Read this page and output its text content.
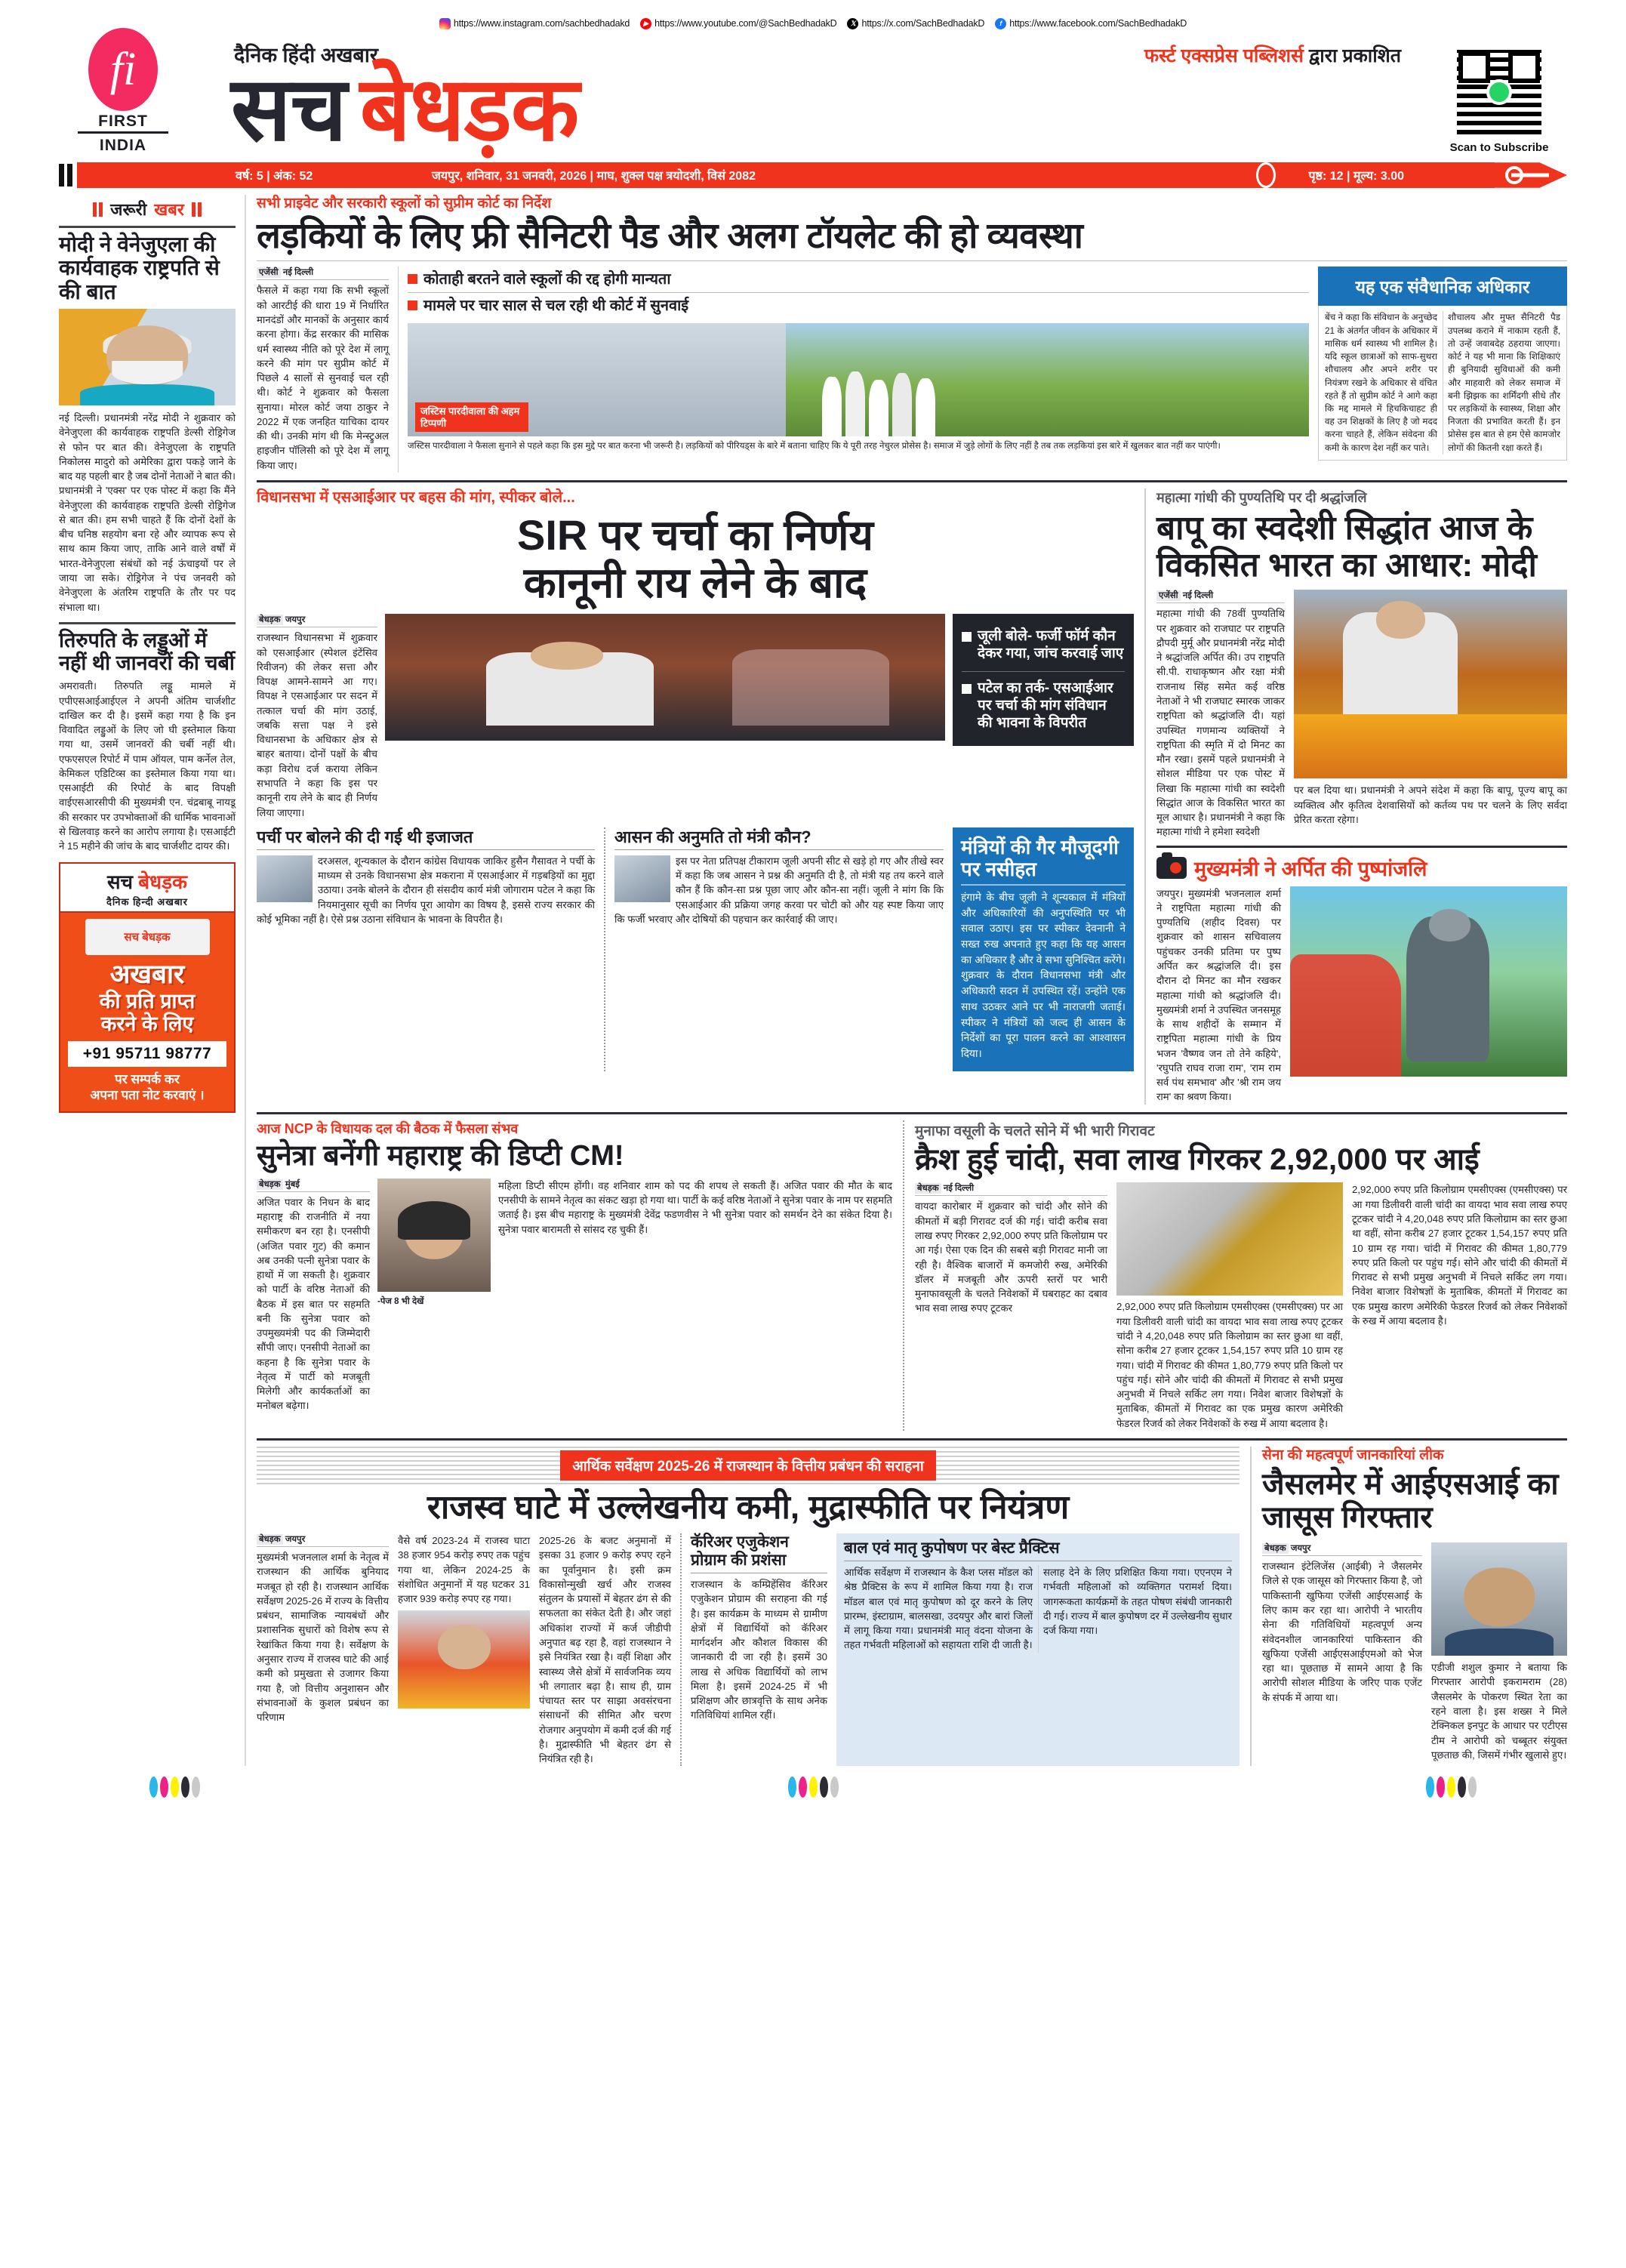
https://www.instagram.com/sachbedhadakd	▶ https://www.youtube.com/@SachBedhadakD	𝕏 https://x.com/SachBedhadakD	f https://www.facebook.com/SachBedhadakD
fi
FIRST
INDIA
दैनिक हिंदी अखबार	फर्स्ट एक्सप्रेस पब्लिशर्स द्वारा प्रकाशित
सच बेधड़क	Scan to Subscribe
वर्ष: 5 | अंक: 52	जयपुर, शनिवार, 31 जनवरी, 2026 | माघ, शुक्ल पक्ष त्रयोदशी, विसं 2082	पृष्ठ: 12 | मूल्य: 3.00
जरूरी खबर
मोदी ने वेनेजुएला की कार्यवाहक राष्ट्रपति से की बात
नई दिल्ली। प्रधानमंत्री नरेंद्र मोदी ने शुक्रवार को वेनेजुएला की कार्यवाहक राष्ट्रपति डेल्सी रोड्रिगेज से फोन पर बात की। वेनेजुएला के राष्ट्रपति निकोलस मादुरो को अमेरिका द्वारा पकड़े जाने के बाद यह पहली बार है जब दोनों नेताओं ने बात की। प्रधानमंत्री ने 'एक्स' पर एक पोस्ट में कहा कि मैंने वेनेजुएला की कार्यवाहक राष्ट्रपति डेल्सी रोड्रिगेज से बात की। हम सभी चाहते हैं कि दोनों देशों के बीच घनिष्ठ सहयोग बना रहे और व्यापक रूप से साथ काम किया जाए, ताकि आने वाले वर्षों में भारत-वेनेजुएला संबंधों को नई ऊंचाइयों पर ले जाया जा सके। रोड्रिगेज ने पंच जनवरी को वेनेजुएला के अंतरिम राष्ट्रपति के तौर पर पद संभाला था।
तिरुपति के लड्डुओं में नहीं थी जानवरों की चर्बी
अमरावती। तिरुपति लड्डू मामले में एपीएसआईआईएल ने अपनी अंतिम चार्जशीट दाखिल कर दी है। इसमें कहा गया है कि इन विवादित लड्डुओं के लिए जो घी इस्तेमाल किया गया था, उसमें जानवरों की चर्बी नहीं थी। एफएसएल रिपोर्ट में पाम ऑयल, पाम कर्नेल तेल, केमिकल एडिटिव्स का इस्तेमाल किया गया था। एसआईटी की रिपोर्ट के बाद विपक्षी वाईएसआरसीपी की मुख्यमंत्री एन. चंद्रबाबू नायडू की सरकार पर उपभोक्ताओं की धार्मिक भावनाओं से खिलवाड़ करने का आरोप लगाया है। एसआईटी ने 15 महीने की जांच के बाद चार्जशीट दायर की।
सच बेधड़क
दैनिक हिन्दी अखबार
सच बेधड़क
अखबार
की प्रति प्राप्त
करने के लिए
+91 95711 98777
पर सम्पर्क कर
अपना पता नोट करवाएं ।
सभी प्राइवेट और सरकारी स्कूलों को सुप्रीम कोर्ट का निर्देश
लड़कियों के लिए फ्री सैनिटरी पैड और अलग टॉयलेट की हो व्यवस्था
एजेंसी नई दिल्ली
फैसले में कहा गया कि सभी स्कूलों को आरटीई की धारा 19 में निर्धारित मानदंडों और मानकों के अनुसार कार्य करना होगा। केंद्र सरकार की मासिक धर्म स्वास्थ्य नीति को पूरे देश में लागू करने की मांग पर सुप्रीम कोर्ट में पिछले 4 सालों से सुनवाई चल रही थी। कोर्ट ने शुक्रवार को फैसला सुनाया। मोरल कोर्ट जया ठाकुर ने 2022 में एक जनहित याचिका दायर की थी। उनकी मांग थी कि मेन्स्ट्रुअल हाइजीन पॉलिसी को पूरे देश में लागू किया जाए।
कोताही बरतने वाले स्कूलों की रद्द होगी मान्यता
मामले पर चार साल से चल रही थी कोर्ट में सुनवाई
जस्टिस पारदीवाला की अहम टिप्पणी
जस्टिस पारदीवाला ने फैसला सुनाने से पहले कहा कि इस मुद्दे पर बात करना भी जरूरी है। लड़कियों को पीरियड्स के बारे में बताना चाहिए कि ये पूरी तरह नेचुरल प्रोसेस है। समाज में जुड़े लोगों के लिए नहीं है तब तक लड़कियां इस बारे में खुलकर बात नहीं कर पाएंगी।
यह एक संवैधानिक अधिकार
बेंच ने कहा कि संविधान के अनुच्छेद 21 के अंतर्गत जीवन के अधिकार में मासिक धर्म स्वास्थ्य भी शामिल है। यदि स्कूल छात्राओं को साफ-सुथरा शौचालय और अपने शरीर पर नियंत्रण रखने के अधिकार से वंचित रहते हैं तो सुप्रीम कोर्ट ने आगे कहा कि मद्द मामले में हिचकिचाहट ही वह उन शिक्षकों के लिए है जो मदद करना चाहते हैं, लेकिन संवेदना की कमी के कारण देश नहीं कर पाते।
शौचालय और मुफ्त सैनिटरी पैड उपलब्ध कराने में नाकाम रहती हैं, तो उन्हें जवाबदेह ठहराया जाएगा। कोर्ट ने यह भी माना कि शिक्षिकाएं ही बुनियादी सुविधाओं की कमी और माहवारी को लेकर समाज में बनी झिझक का शर्मिंदगी सीधे तौर पर लड़कियों के स्वास्थ्य, शिक्षा और निजता की प्रभावित करती हैं। इन प्रोसेस इस बात से हम ऐसे कामजोर लोगों की कितनी रक्षा करते हैं।
विधानसभा में एसआईआर पर बहस की मांग, स्पीकर बोले...
SIR पर चर्चा का निर्णय
कानूनी राय लेने के बाद
बेधड़क जयपुर
राजस्थान विधानसभा में शुक्रवार को एसआईआर (स्पेशल इंटेंसिव रिवीजन) की लेकर सत्ता और विपक्ष आमने-सामने आ गए। विपक्ष ने एसआईआर पर सदन में तत्काल चर्चा की मांग उठाई, जबकि सत्ता पक्ष ने इसे विधानसभा के अधिकार क्षेत्र से बाहर बताया। दोनों पक्षों के बीच कड़ा विरोध दर्ज कराया लेकिन सभापति ने कहा कि इस पर कानूनी राय लेने के बाद ही निर्णय लिया जाएगा।
जूली बोले- फर्जी फॉर्म कौन देकर गया, जांच करवाई जाए
पटेल का तर्क- एसआईआर पर चर्चा की मांग संविधान की भावना के विपरीत
पर्ची पर बोलने की दी गई थी इजाजत
दरअसल, शून्यकाल के दौरान कांग्रेस विधायक जाकिर हुसैन गैसावत ने पर्ची के माध्यम से उनके विधानसभा क्षेत्र मकराना में एसआईआर में गड़बड़ियों का मुद्दा उठाया। उनके बोलने के दौरान ही संसदीय कार्य मंत्री जोगाराम पटेल ने कहा कि नियमानुसार सूची का निर्णय पूरा आयोग का विषय है, इससे राज्य सरकार की कोई भूमिका नहीं है। ऐसे प्रश्न उठाना संविधान के भावना के विपरीत है।
आसन की अनुमति तो मंत्री कौन?
इस पर नेता प्रतिपक्ष टीकाराम जूली अपनी सीट से खड़े हो गए और तीखे स्वर में कहा कि जब आसन ने प्रश्न की अनुमति दी है, तो मंत्री यह तय करने वाले कौन हैं कि कौन-सा प्रश्न पूछा जाए और कौन-सा नहीं। जूली ने मांग कि कि एसआईआर की प्रक्रिया जगह करवा पर चोटी को और यह स्पष्ट किया जाए कि फर्जी भरवाए और दोषियों की पहचान कर कार्रवाई की जाए।
मंत्रियों की गैर मौजूदगी पर नसीहत

हंगामे के बीच जूली ने शून्यकाल में मंत्रियों और अधिकारियों की अनुपस्थिति पर भी सवाल उठाए। इस पर स्पीकर देवनानी ने सख्त रुख अपनाते हुए कहा कि यह आसन का अधिकार है और वे सभा सुनिश्चित करेंगे। शुक्रवार के दौरान विधानसभा मंत्री और अधिकारी सदन में उपस्थित रहें। उन्होंने एक साथ उठकर आने पर भी नाराजगी जताई। स्पीकर ने मंत्रियों को जल्द ही आसन के निर्देशों का पूरा पालन करने का आश्वासन दिया।

महात्मा गांधी की पुण्यतिथि पर दी श्रद्धांजलि
बापू का स्वदेशी सिद्धांत आज के विकसित भारत का आधार: मोदी
एजेंसी नई दिल्ली
महात्मा गांधी की 78वीं पुण्यतिथि पर शुक्रवार को राजघाट पर राष्ट्रपति द्रौपदी मुर्मू और प्रधानमंत्री नरेंद्र मोदी ने श्रद्धांजलि अर्पित की। उप राष्ट्रपति सी.पी. राधाकृष्णन और रक्षा मंत्री राजनाथ सिंह समेत कई वरिष्ठ नेताओं ने भी राजघाट स्मारक जाकर राष्ट्रपिता को श्रद्धांजलि दी। यहां उपस्थित गणमान्य व्यक्तियों ने राष्ट्रपिता की स्मृति में दो मिनट का मौन रखा। इसमें पहले प्रधानमंत्री ने सोशल मीडिया पर एक पोस्ट में लिखा कि महात्मा गांधी का स्वदेशी सिद्धांत आज के विकसित भारत का मूल आधार है। प्रधानमंत्री ने कहा कि महात्मा गांधी ने हमेशा स्वदेशी
पर बल दिया था। प्रधानमंत्री ने अपने संदेश में कहा कि बापू, पूज्य बापू का व्यक्तित्व और कृतित्व देशवासियों को कर्तव्य पथ पर चलने के लिए सर्वदा प्रेरित करता रहेगा।
मुख्यमंत्री ने अर्पित की पुष्पांजलि
जयपुर। मुख्यमंत्री भजनलाल शर्मा ने राष्ट्रपिता महात्मा गांधी की पुण्यतिथि (शहीद दिवस) पर शुक्रवार को शासन सचिवालय पहुंचकर उनकी प्रतिमा पर पुष्प अर्पित कर श्रद्धांजलि दी। इस दौरान दो मिनट का मौन रखकर महात्मा गांधी को श्रद्धांजलि दी। मुख्यमंत्री शर्मा ने उपस्थित जनसमूह के साथ शहीदों के सम्मान में राष्ट्रपिता महात्मा गांधी के प्रिय भजन 'वैष्णव जन तो तेने कहिये', 'रघुपति राघव राजा राम', 'राम राम सर्व पंथ समभाव' और 'श्री राम जय राम' का श्रवण किया।
आज NCP के विधायक दल की बैठक में फैसला संभव
सुनेत्रा बनेंगी महाराष्ट्र की डिप्टी CM!
बेधड़क मुंबई
अजित पवार के निधन के बाद महाराष्ट्र की राजनीति में नया समीकरण बन रहा है। एनसीपी (अजित पवार गुट) की कमान अब उनकी पत्नी सुनेत्रा पवार के हाथों में जा सकती है। शुक्रवार को पार्टी के वरिष्ठ नेताओं की बैठक में इस बात पर सहमति बनी कि सुनेत्रा पवार को उपमुख्यमंत्री पद की जिम्मेदारी सौंपी जाए। एनसीपी नेताओं का कहना है कि सुनेत्रा पवार के नेतृत्व में पार्टी को मजबूती मिलेगी और कार्यकर्ताओं का मनोबल बढ़ेगा।
-पेज 8 भी देखें
महिला डिप्टी सीएम होंगी। वह शनिवार शाम को पद की शपथ ले सकती हैं। अजित पवार की मौत के बाद एनसीपी के सामने नेतृत्व का संकट खड़ा हो गया था। पार्टी के कई वरिष्ठ नेताओं ने सुनेत्रा पवार के नाम पर सहमति जताई है। इस बीच महाराष्ट्र के मुख्यमंत्री देवेंद्र फडणवीस ने भी सुनेत्रा पवार को समर्थन देने का संकेत दिया है। सुनेत्रा पवार बारामती से सांसद रह चुकी हैं।
मुनाफा वसूली के चलते सोने में भी भारी गिरावट
क्रैश हुई चांदी, सवा लाख गिरकर 2,92,000 पर आई
बेधड़क नई दिल्ली
वायदा कारोबार में शुक्रवार को चांदी और सोने की कीमतों में बड़ी गिरावट दर्ज की गई। चांदी करीब सवा लाख रुपए गिरकर 2,92,000 रुपए प्रति किलोग्राम पर आ गई। ऐसा एक दिन की सबसे बड़ी गिरावट मानी जा रही है। वैश्विक बाजारों में कमजोरी रुख, अमेरिकी डॉलर में मजबूती और ऊपरी स्तरों पर भारी मुनाफावसूली के चलते निवेशकों में घबराहट का दबाव भाव सवा लाख रुपए टूटकर	2,92,000 रुपए प्रति किलोग्राम एमसीएक्स (एमसीएक्स) पर आ गया डिलीवरी वाली चांदी का वायदा भाव सवा लाख रुपए टूटकर चांदी ने 4,20,048 रुपए प्रति किलोग्राम का स्तर छुआ था वहीं, सोना करीब 27 हजार टूटकर 1,54,157 रुपए प्रति 10 ग्राम रह गया। चांदी में गिरावट की कीमत 1,80,779 रुपए प्रति किलो पर पहुंच गई। सोने और चांदी की कीमतों में गिरावट से सभी प्रमुख अनुभवी में निचले सर्किट लग गया। निवेश बाजार विशेषज्ञों के मुताबिक, कीमतों में गिरावट का एक प्रमुख कारण अमेरिकी फेडरल रिजर्व को लेकर निवेशकों के रुख में आया बदलाव है।
2,92,000 रुपए प्रति किलोग्राम एमसीएक्स (एमसीएक्स) पर आ गया डिलीवरी वाली चांदी का वायदा भाव सवा लाख रुपए टूटकर चांदी ने 4,20,048 रुपए प्रति किलोग्राम का स्तर छुआ था वहीं, सोना करीब 27 हजार टूटकर 1,54,157 रुपए प्रति 10 ग्राम रह गया। चांदी में गिरावट की कीमत 1,80,779 रुपए प्रति किलो पर पहुंच गई। सोने और चांदी की कीमतों में गिरावट से सभी प्रमुख अनुभवी में निचले सर्किट लग गया। निवेश बाजार विशेषज्ञों के मुताबिक, कीमतों में गिरावट का एक प्रमुख कारण अमेरिकी फेडरल रिजर्व को लेकर निवेशकों के रुख में आया बदलाव है।
आर्थिक सर्वेक्षण 2025-26 में राजस्थान के वित्तीय प्रबंधन की सराहना
राजस्व घाटे में उल्लेखनीय कमी, मुद्रास्फीति पर नियंत्रण
बेधड़क जयपुर
मुख्यमंत्री भजनलाल शर्मा के नेतृत्व में राजस्थान की आर्थिक बुनियाद मजबूत हो रही है। राजस्थान आर्थिक सर्वेक्षण 2025-26 में राज्य के वित्तीय प्रबंधन, सामाजिक न्यायबंधों और प्रशासनिक सुधारों को विशेष रूप से रेखांकित किया गया है। सर्वेक्षण के अनुसार राज्य में राजस्व घाटे की आई कमी को प्रमुखता से उजागर किया गया है, जो वित्तीय अनुशासन और संभावनाओं के कुशल प्रबंधन का परिणाम
वैसे वर्ष 2023-24 में राजस्व घाटा 38 हजार 954 करोड़ रुपए तक पहुंच गया था, लेकिन 2024-25 के संशोधित अनुमानों में यह घटकर 31 हजार 939 करोड़ रुपए रह गया।
2025-26 के बजट अनुमानों में इसका 31 हजार 9 करोड़ रुपए रहने का पूर्वानुमान है। इसी क्रम विकासोन्मुखी खर्च और राजस्व संतुलन के प्रयासों में बेहतर ढंग से की सफलता का संकेत देती है। और जहां अधिकांश राज्यों में कर्ज जीडीपी अनुपात बढ़ रहा है, वहां राजस्थान ने इसे नियंत्रित रखा है। वहीं शिक्षा और स्वास्थ्य जैसे क्षेत्रों में सार्वजनिक व्यय भी लगातार बढ़ा है। साथ ही, ग्राम पंचायत स्तर पर साझा अवसंरचना संसाधनों की सीमित और चरण रोजगार अनुपयोग में कमी दर्ज की गई है। मुद्रास्फीति भी बेहतर ढंग से नियंत्रित रही है।
कॅरिअर एजुकेशन प्रोग्राम की प्रशंसा
राजस्थान के कम्प्रिहेंसिव कॅरिअर एजुकेशन प्रोग्राम की सराहना की गई है। इस कार्यक्रम के माध्यम से ग्रामीण क्षेत्रों में विद्यार्थियों को कॅरिअर मार्गदर्शन और कौशल विकास की जानकारी दी जा रही है। इसमें 30 लाख से अधिक विद्यार्थियों को लाभ मिला है। इसमें 2024-25 में भी प्रशिक्षण और छात्रवृत्ति के साथ अनेक गतिविधियां शामिल रहीं।
बाल एवं मातृ कुपोषण पर बेस्ट प्रैक्टिस
आर्थिक सर्वेक्षण में राजस्थान के कैश प्लस मॉडल को श्रेष्ठ प्रैक्टिस के रूप में शामिल किया गया है। राज मॉडल बाल एवं मातृ कुपोषण को दूर करने के लिए प्रारम्भ, इंस्टाग्राम, बालसखा, उदयपुर और बारां जिलों में लागू किया गया। प्रधानमंत्री मातृ वंदना योजना के तहत गर्भवती महिलाओं को सहायता राशि दी जाती है।
सलाह देने के लिए प्रशिक्षित किया गया। एएनएम ने गर्भवती महिलाओं को व्यक्तिगत परामर्श दिया। जागरूकता कार्यक्रमों के तहत पोषण संबंधी जानकारी दी गई। राज्य में बाल कुपोषण दर में उल्लेखनीय सुधार दर्ज किया गया।
सेना की महत्वपूर्ण जानकारियां लीक
जैसलमेर में आईएसआई का जासूस गिरफ्तार
बेधड़क जयपुर
राजस्थान इंटेलिजेंस (आईबी) ने जैसलमेर जिले से एक जासूस को गिरफ्तार किया है, जो पाकिस्तानी खुफिया एजेंसी आईएसआई के लिए काम कर रहा था। आरोपी ने भारतीय सेना की गतिविधियों महत्वपूर्ण अन्य संवेदनशील जानकारियां पाकिस्तान की खुफिया एजेंसी आईएसआईएमओ को भेज रहा था। पूछताछ में सामने आया है कि आरोपी सोशल मीडिया के जरिए पाक एजेंट के संपर्क में आया था।
एडीजी शशुल कुमार ने बताया कि गिरफ्तार आरोपी इकरामराम (28) जैसलमेर के पोकरण स्थित रेता का रहने वाला है। इस शख्स ने मिले टेक्निकल इनपुट के आधार पर एटीएस टीम ने आरोपी को चब्बूतर संयुक्त पूछताछ की, जिसमें गंभीर खुलासे हुए।
